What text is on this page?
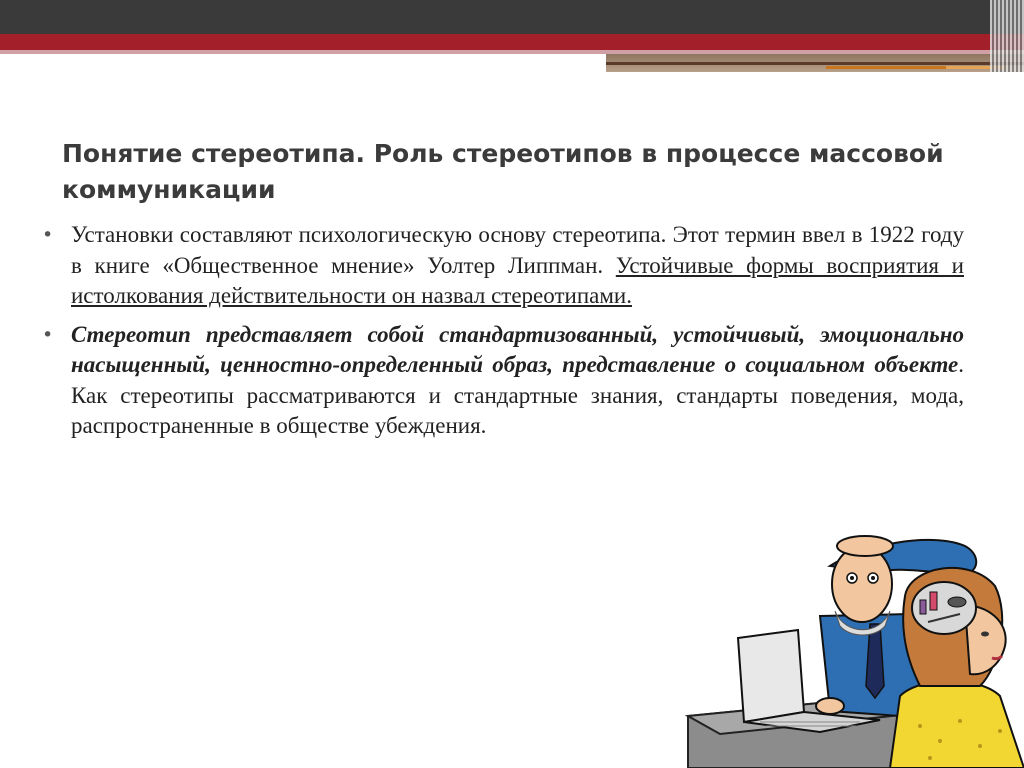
Понятие стереотипа. Роль стереотипов в процессе массовой коммуникации
• Установки составляют психологическую основу стереотипа. Этот термин ввел в 1922 году в книге «Общественное мнение» Уолтер Липпман. Устойчивые формы восприятия и истолкования действительности он назвал стереотипами.
• Стереотип представляет собой стандартизованный, устойчивый, эмоционально насыщенный, ценностно-определенный образ, представление о социальном объекте. Как стереотипы рассматриваются и стандартные знания, стандарты поведения, мода, распространенные в обществе убеждения.
